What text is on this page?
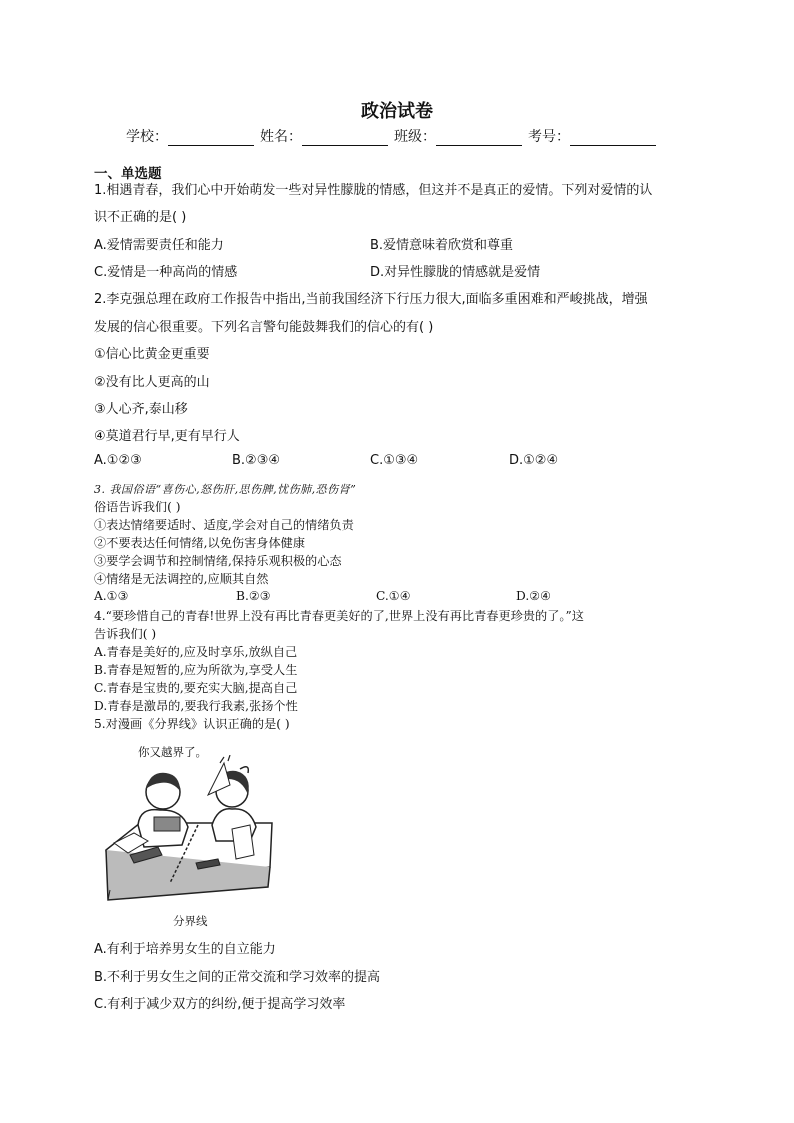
政治试卷
学校：	姓名：	班级：	考号：
一、单选题
1.相遇青春，我们心中开始萌发一些对异性朦胧的情感，但这并不是真正的爱情。下列对爱情的认
识不正确的是( )
A.爱情需要责任和能力	B.爱情意味着欣赏和尊重
C.爱情是一种高尚的情感	D.对异性朦胧的情感就是爱情
2.李克强总理在政府工作报告中指出,当前我国经济下行压力很大,面临多重困难和严峻挑战，增强
发展的信心很重要。下列名言警句能鼓舞我们的信心的有( )
①信心比黄金更重要
②没有比人更高的山
③人心齐,泰山移
④莫道君行早,更有早行人
A.①②③	B.②③④	C.①③④	D.①②④
3. 我国俗语“喜伤心,怒伤肝,思伤脾,忧伤肺,恐伤肾”
俗语告诉我们( )
①表达情绪要适时、适度,学会对自己的情绪负责
②不要表达任何情绪,以免伤害身体健康
③要学会调节和控制情绪,保持乐观积极的心态
④情绪是无法调控的,应顺其自然
A.①③	B.②③	C.①④	D.②④
4.“要珍惜自己的青春!世界上没有再比青春更美好的了,世界上没有再比青春更珍贵的了。”这
告诉我们( )
A.青春是美好的,应及时享乐,放纵自己
B.青春是短暂的,应为所欲为,享受人生
C.青春是宝贵的,要充实大脑,提高自己
D.青春是激昂的,要我行我素,张扬个性
5.对漫画《分界线》认识正确的是( )
你又越界了。
分界线
A.有利于培养男女生的自立能力
B.不利于男女生之间的正常交流和学习效率的提高
C.有利于减少双方的纠纷,便于提高学习效率
